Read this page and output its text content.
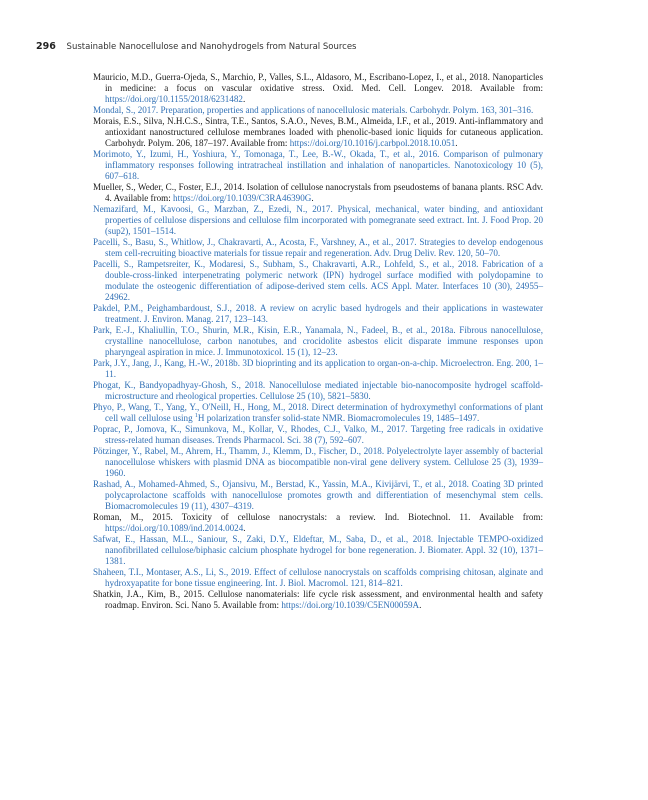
296 Sustainable Nanocellulose and Nanohydrogels from Natural Sources

Mauricio, M.D., Guerra-Ojeda, S., Marchio, P., Valles, S.L., Aldasoro, M., Escribano-Lopez, I., et al., 2018. Nanoparticles in medicine: a focus on vascular oxidative stress. Oxid. Med. Cell. Longev. 2018. Available from: https://doi.org/10.1155/2018/6231482.

Mondal, S., 2017. Preparation, properties and applications of nanocellulosic materials. Carbohydr. Polym. 163, 301–316.

Morais, E.S., Silva, N.H.C.S., Sintra, T.E., Santos, S.A.O., Neves, B.M., Almeida, I.F., et al., 2019. Anti-inflammatory and antioxidant nanostructured cellulose membranes loaded with phenolic-based ionic liquids for cutaneous application. Carbohydr. Polym. 206, 187–197. Available from: https://doi.org/10.1016/j.carbpol.2018.10.051.

Morimoto, Y., Izumi, H., Yoshiura, Y., Tomonaga, T., Lee, B.-W., Okada, T., et al., 2016. Comparison of pulmonary inflammatory responses following intratracheal instillation and inhalation of nanoparticles. Nanotoxicology 10 (5), 607–618.

Mueller, S., Weder, C., Foster, E.J., 2014. Isolation of cellulose nanocrystals from pseudostems of banana plants. RSC Adv. 4. Available from: https://doi.org/10.1039/C3RA46390G.

Nemazifard, M., Kavoosi, G., Marzban, Z., Ezedi, N., 2017. Physical, mechanical, water binding, and antioxidant properties of cellulose dispersions and cellulose film incorporated with pomegranate seed extract. Int. J. Food Prop. 20 (sup2), 1501–1514.

Pacelli, S., Basu, S., Whitlow, J., Chakravarti, A., Acosta, F., Varshney, A., et al., 2017. Strategies to develop endogenous stem cell-recruiting bioactive materials for tissue repair and regeneration. Adv. Drug Deliv. Rev. 120, 50–70.

Pacelli, S., Rampetsreiter, K., Modaresi, S., Subham, S., Chakravarti, A.R., Lohfeld, S., et al., 2018. Fabrication of a double-cross-linked interpenetrating polymeric network (IPN) hydrogel surface modified with polydopamine to modulate the osteogenic differentiation of adipose-derived stem cells. ACS Appl. Mater. Interfaces 10 (30), 24955–24962.

Pakdel, P.M., Peighambardoust, S.J., 2018. A review on acrylic based hydrogels and their applications in wastewater treatment. J. Environ. Manag. 217, 123–143.

Park, E.-J., Khaliullin, T.O., Shurin, M.R., Kisin, E.R., Yanamala, N., Fadeel, B., et al., 2018a. Fibrous nanocellulose, crystalline nanocellulose, carbon nanotubes, and crocidolite asbestos elicit disparate immune responses upon pharyngeal aspiration in mice. J. Immunotoxicol. 15 (1), 12–23.

Park, J.Y., Jang, J., Kang, H.-W., 2018b. 3D bioprinting and its application to organ-on-a-chip. Microelectron. Eng. 200, 1–11.

Phogat, K., Bandyopadhyay-Ghosh, S., 2018. Nanocellulose mediated injectable bio-nanocomposite hydrogel scaffold-microstructure and rheological properties. Cellulose 25 (10), 5821–5830.

Phyo, P., Wang, T., Yang, Y., O'Neill, H., Hong, M., 2018. Direct determination of hydroxymethyl conformations of plant cell wall cellulose using $^1$H polarization transfer solid-state NMR. Biomacromolecules 19, 1485–1497.

Poprac, P., Jomova, K., Simunkova, M., Kollar, V., Rhodes, C.J., Valko, M., 2017. Targeting free radicals in oxidative stress-related human diseases. Trends Pharmacol. Sci. 38 (7), 592–607.

Pötzinger, Y., Rabel, M., Ahrem, H., Thamm, J., Klemm, D., Fischer, D., 2018. Polyelectrolyte layer assembly of bacterial nanocellulose whiskers with plasmid DNA as biocompatible non-viral gene delivery system. Cellulose 25 (3), 1939–1960.

Rashad, A., Mohamed-Ahmed, S., Ojansivu, M., Berstad, K., Yassin, M.A., Kivijärvi, T., et al., 2018. Coating 3D printed polycaprolactone scaffolds with nanocellulose promotes growth and differentiation of mesenchymal stem cells. Biomacromolecules 19 (11), 4307–4319.

Roman, M., 2015. Toxicity of cellulose nanocrystals: a review. Ind. Biotechnol. 11. Available from: https://doi.org/10.1089/ind.2014.0024.

Safwat, E., Hassan, M.L., Saniour, S., Zaki, D.Y., Eldeftar, M., Saba, D., et al., 2018. Injectable TEMPO-oxidized nanofibrillated cellulose/biphasic calcium phosphate hydrogel for bone regeneration. J. Biomater. Appl. 32 (10), 1371–1381.

Shaheen, T.I., Montaser, A.S., Li, S., 2019. Effect of cellulose nanocrystals on scaffolds comprising chitosan, alginate and hydroxyapatite for bone tissue engineering. Int. J. Biol. Macromol. 121, 814–821.

Shatkin, J.A., Kim, B., 2015. Cellulose nanomaterials: life cycle risk assessment, and environmental health and safety roadmap. Environ. Sci. Nano 5. Available from: https://doi.org/10.1039/C5EN00059A.
